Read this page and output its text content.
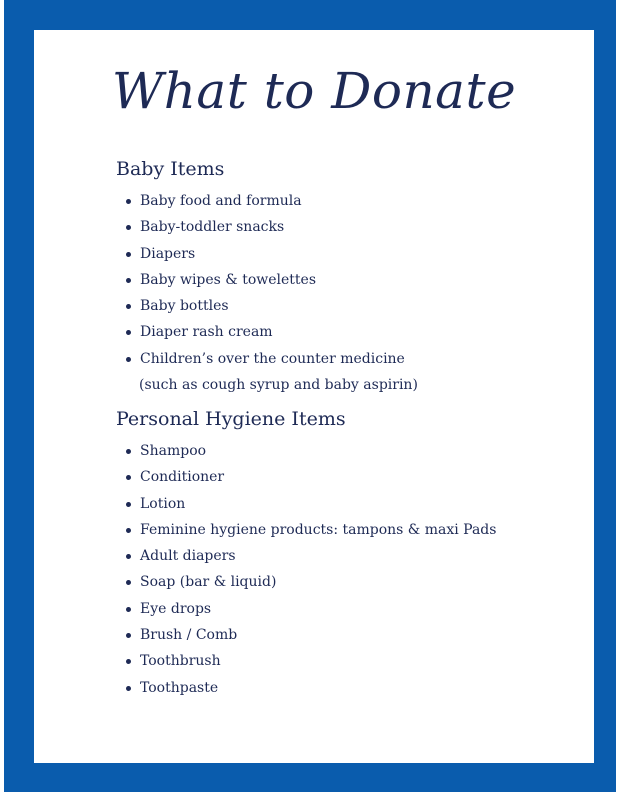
What to Donate
Baby Items
Baby food and formula
Baby-toddler snacks
Diapers
Baby wipes & towelettes
Baby bottles
Diaper rash cream
Children’s over the counter medicine
(such as cough syrup and baby aspirin)
Personal Hygiene Items
Shampoo
Conditioner
Lotion
Feminine hygiene products: tampons & maxi Pads
Adult diapers
Soap (bar & liquid)
Eye drops
Brush / Comb
Toothbrush
Toothpaste
